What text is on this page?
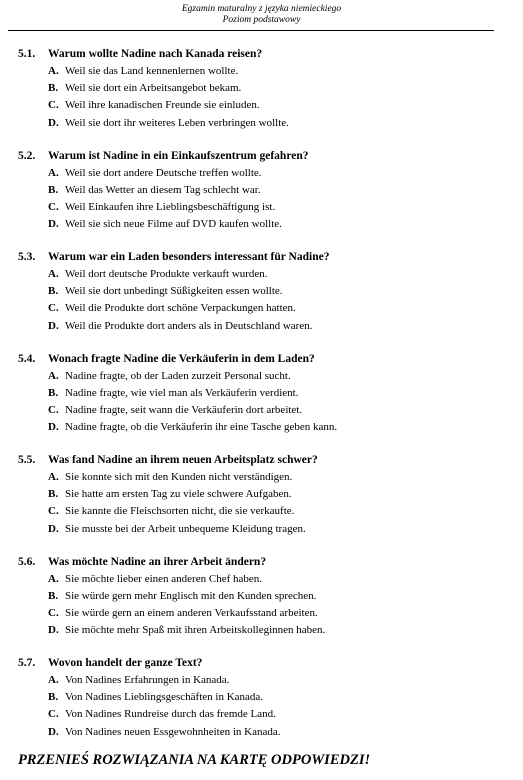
Egzamin maturalny z języka niemieckiego
Poziom podstawowy
5.1.	Warum wollte Nadine nach Kanada reisen?
A. Weil sie das Land kennenlernen wollte.
B. Weil sie dort ein Arbeitsangebot bekam.
C. Weil ihre kanadischen Freunde sie einluden.
D. Weil sie dort ihr weiteres Leben verbringen wollte.
5.2.	Warum ist Nadine in ein Einkaufszentrum gefahren?
A. Weil sie dort andere Deutsche treffen wollte.
B. Weil das Wetter an diesem Tag schlecht war.
C. Weil Einkaufen ihre Lieblingsbeschäftigung ist.
D. Weil sie sich neue Filme auf DVD kaufen wollte.
5.3.	Warum war ein Laden besonders interessant für Nadine?
A. Weil dort deutsche Produkte verkauft wurden.
B. Weil sie dort unbedingt Süßigkeiten essen wollte.
C. Weil die Produkte dort schöne Verpackungen hatten.
D. Weil die Produkte dort anders als in Deutschland waren.
5.4.	Wonach fragte Nadine die Verkäuferin in dem Laden?
A. Nadine fragte, ob der Laden zurzeit Personal sucht.
B. Nadine fragte, wie viel man als Verkäuferin verdient.
C. Nadine fragte, seit wann die Verkäuferin dort arbeitet.
D. Nadine fragte, ob die Verkäuferin ihr eine Tasche geben kann.
5.5.	Was fand Nadine an ihrem neuen Arbeitsplatz schwer?
A. Sie konnte sich mit den Kunden nicht verständigen.
B. Sie hatte am ersten Tag zu viele schwere Aufgaben.
C. Sie kannte die Fleischsorten nicht, die sie verkaufte.
D. Sie musste bei der Arbeit unbequeme Kleidung tragen.
5.6.	Was möchte Nadine an ihrer Arbeit ändern?
A. Sie möchte lieber einen anderen Chef haben.
B. Sie würde gern mehr Englisch mit den Kunden sprechen.
C. Sie würde gern an einem anderen Verkaufsstand arbeiten.
D. Sie möchte mehr Spaß mit ihren Arbeitskolleginnen haben.
5.7.	Wovon handelt der ganze Text?
A. Von Nadines Erfahrungen in Kanada.
B. Von Nadines Lieblingsgeschäften in Kanada.
C. Von Nadines Rundreise durch das fremde Land.
D. Von Nadines neuen Essgewohnheiten in Kanada.
PRZENIEŚ ROZWIĄZANIA NA KARTĘ ODPOWIEDZI!
